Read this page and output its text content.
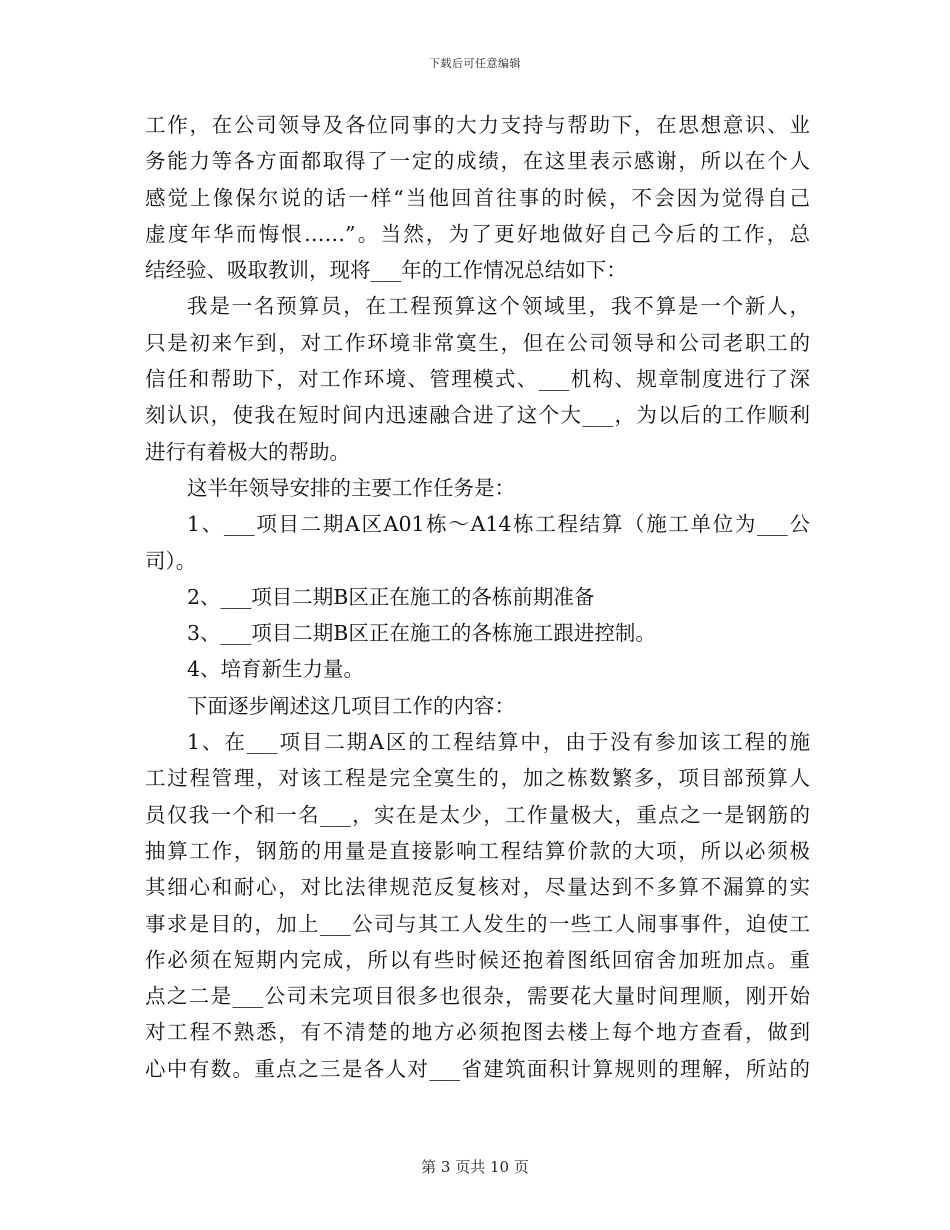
下载后可任意编辑
工作，在公司领导及各位同事的大力支持与帮助下，在思想意识、业
务能力等各方面都取得了一定的成绩，在这里表示感谢，所以在个人
感觉上像保尔说的话一样“当他回首往事的时候，不会因为觉得自己
虚度年华而悔恨……”。当然，为了更好地做好自己今后的工作，总
结经验、吸取教训，现将___年的工作情况总结如下：
我是一名预算员，在工程预算这个领域里，我不算是一个新人，
只是初来乍到，对工作环境非常寞生，但在公司领导和公司老职工的
信任和帮助下，对工作环境、管理模式、___机构、规章制度进行了深
刻认识，使我在短时间内迅速融合进了这个大___，为以后的工作顺利
进行有着极大的帮助。
这半年领导安排的主要工作任务是：
1、___项目二期A区A01栋～A14栋工程结算（施工单位为___公
司）。
2、___项目二期B区正在施工的各栋前期准备
3、___项目二期B区正在施工的各栋施工跟进控制。
4、培育新生力量。
下面逐步阐述这几项目工作的内容：
1、在___项目二期A区的工程结算中，由于没有参加该工程的施
工过程管理，对该工程是完全寞生的，加之栋数繁多，项目部预算人
员仅我一个和一名___，实在是太少，工作量极大，重点之一是钢筋的
抽算工作，钢筋的用量是直接影响工程结算价款的大项，所以必须极
其细心和耐心，对比法律规范反复核对，尽量达到不多算不漏算的实
事求是目的，加上___公司与其工人发生的一些工人闹事事件，迫使工
作必须在短期内完成，所以有些时候还抱着图纸回宿舍加班加点。重
点之二是___公司未完项目很多也很杂，需要花大量时间理顺，刚开始
对工程不熟悉，有不清楚的地方必须抱图去楼上每个地方查看，做到
心中有数。重点之三是各人对___省建筑面积计算规则的理解，所站的
第 3 页共 10 页
